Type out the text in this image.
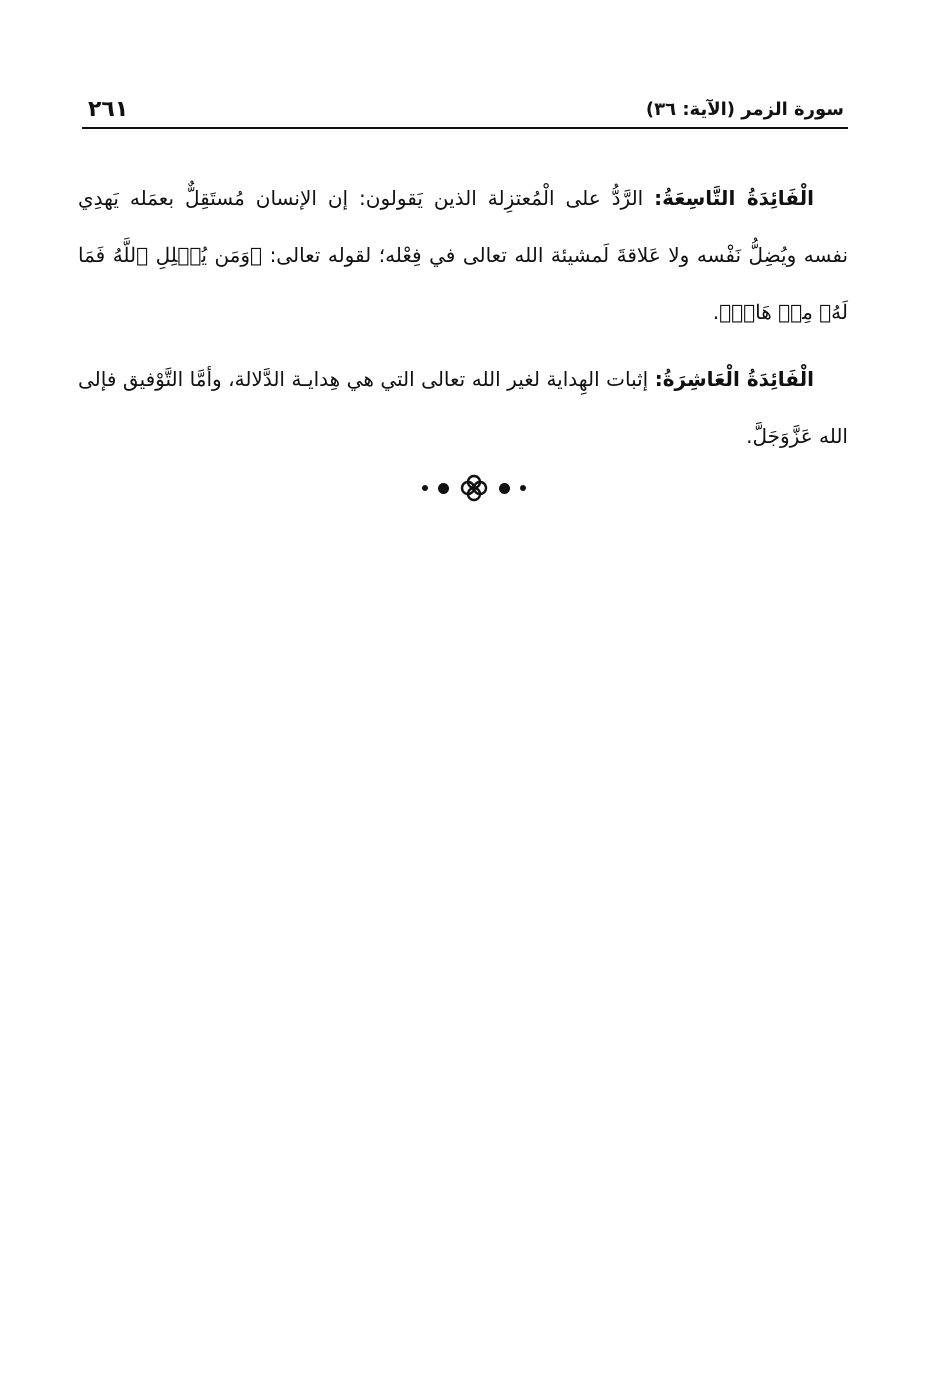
٢٦١	سورة الزمر (الآية: ٣٦)

الْفَائِدَةُ التَّاسِعَةُ: الرَّدُّ على الْمُعتزِلة الذين يَقولون: إن الإنسان مُستَقِلٌّ بعمَله يَهدِي نفسه ويُضِلُّ نَفْسه ولا عَلاقةَ لَمشيئة الله تعالى في فِعْله؛ لقوله تعالى: ﴿وَمَن يُضۡلِلِ ٱللَّهُ فَمَا لَهُۥ مِنۡ هَادٖ﴾.

الْفَائِدَةُ الْعَاشِرَةُ: إثبات الهِداية لغير الله تعالى التي هي هِدايـة الدَّلالة، وأمَّا التَّوْفيق فإلى الله عَزَّوَجَلَّ.
